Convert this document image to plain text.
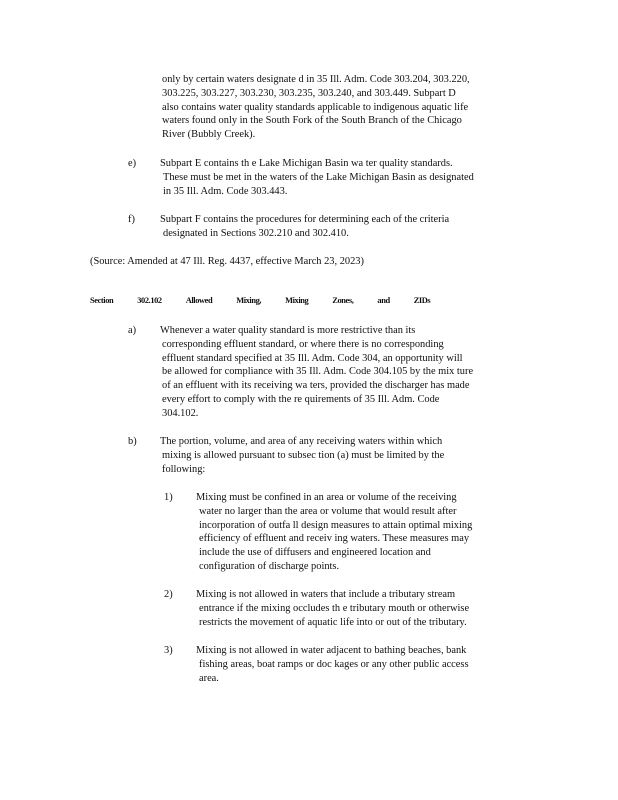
only by certain waters designate d in 35 Ill. Adm. Code 303.204, 303.220,
303.225, 303.227, 303.230, 303.235, 303.240, and 303.449. Subpart D
also contains water quality standards applicable to indigenous aquatic life
waters found only in the South Fork of the South Branch of the Chicago
River (Bubbly Creek).
e) Subpart E contains th e Lake Michigan Basin wa ter quality standards.
These must be met in the waters of the Lake Michigan Basin as designated
in 35 Ill. Adm. Code 303.443.
f) Subpart F contains the procedures for determining each of the criteria
designated in Sections 302.210 and 302.410.
(Source: Amended at 47 Ill. Reg. 4437, effective March 23, 2023)
Section	302.102	Allowed	Mixing,	Mixing	Zones,	and	ZIDs
a) Whenever a water quality standard is more restrictive than its
corresponding effluent standard, or where there is no corresponding
effluent standard specified at 35 Ill. Adm. Code 304, an opportunity will
be allowed for compliance with 35 Ill. Adm. Code 304.105 by the mix ture
of an effluent with its receiving wa ters, provided the discharger has made
every effort to comply with the re quirements of 35 Ill. Adm. Code
304.102.
b) The portion, volume, and area of any receiving waters within which
mixing is allowed pursuant to subsec tion (a) must be limited by the
following:
1) Mixing must be confined in an area or volume of the receiving
water no larger than the area or volume that would result after
incorporation of outfa ll design measures to attain optimal mixing
efficiency of effluent and receiv ing waters. These measures may
include the use of diffusers and engineered location and
configuration of discharge points.
2) Mixing is not allowed in waters that include a tributary stream
entrance if the mixing occludes th e tributary mouth or otherwise
restricts the movement of aquatic life into or out of the tributary.
3) Mixing is not allowed in water adjacent to bathing beaches, bank
fishing areas, boat ramps or doc kages or any other public access
area.
